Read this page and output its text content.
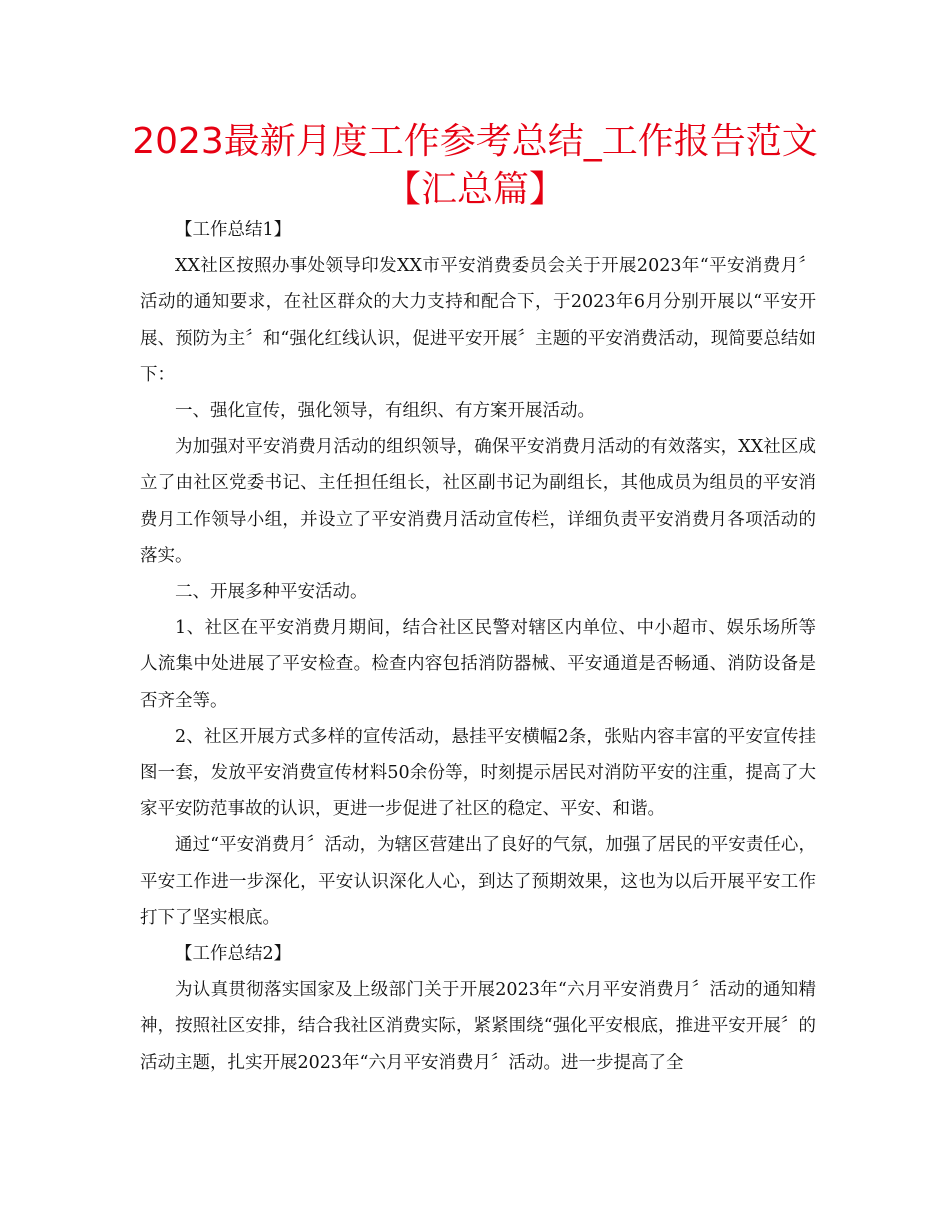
2023最新月度工作参考总结_工作报告范文【汇总篇】

【工作总结1】

XX社区按照办事处领导印发XX市平安消费委员会关于开展2023年“平安消费月〞活动的通知要求，在社区群众的大力支持和配合下，于2023年6月分别开展以“平安开展、预防为主〞和“强化红线认识，促进平安开展〞主题的平安消费活动，现简要总结如下：

一、强化宣传，强化领导，有组织、有方案开展活动。

为加强对平安消费月活动的组织领导，确保平安消费月活动的有效落实，XX社区成立了由社区党委书记、主任担任组长，社区副书记为副组长，其他成员为组员的平安消费月工作领导小组，并设立了平安消费月活动宣传栏，详细负责平安消费月各项活动的落实。

二、开展多种平安活动。

1、社区在平安消费月期间，结合社区民警对辖区内单位、中小超市、娱乐场所等人流集中处进展了平安检查。检查内容包括消防器械、平安通道是否畅通、消防设备是否齐全等。

2、社区开展方式多样的宣传活动，悬挂平安横幅2条，张贴内容丰富的平安宣传挂图一套，发放平安消费宣传材料50余份等，时刻提示居民对消防平安的注重，提高了大家平安防范事故的认识，更进一步促进了社区的稳定、平安、和谐。

通过“平安消费月〞活动，为辖区营建出了良好的气氛，加强了居民的平安责任心，平安工作进一步深化，平安认识深化人心，到达了预期效果，这也为以后开展平安工作打下了坚实根底。

【工作总结2】

为认真贯彻落实国家及上级部门关于开展2023年“六月平安消费月〞活动的通知精神，按照社区安排，结合我社区消费实际，紧紧围绕“强化平安根底，推进平安开展〞的活动主题，扎实开展2023年“六月平安消费月〞活动。进一步提高了全
